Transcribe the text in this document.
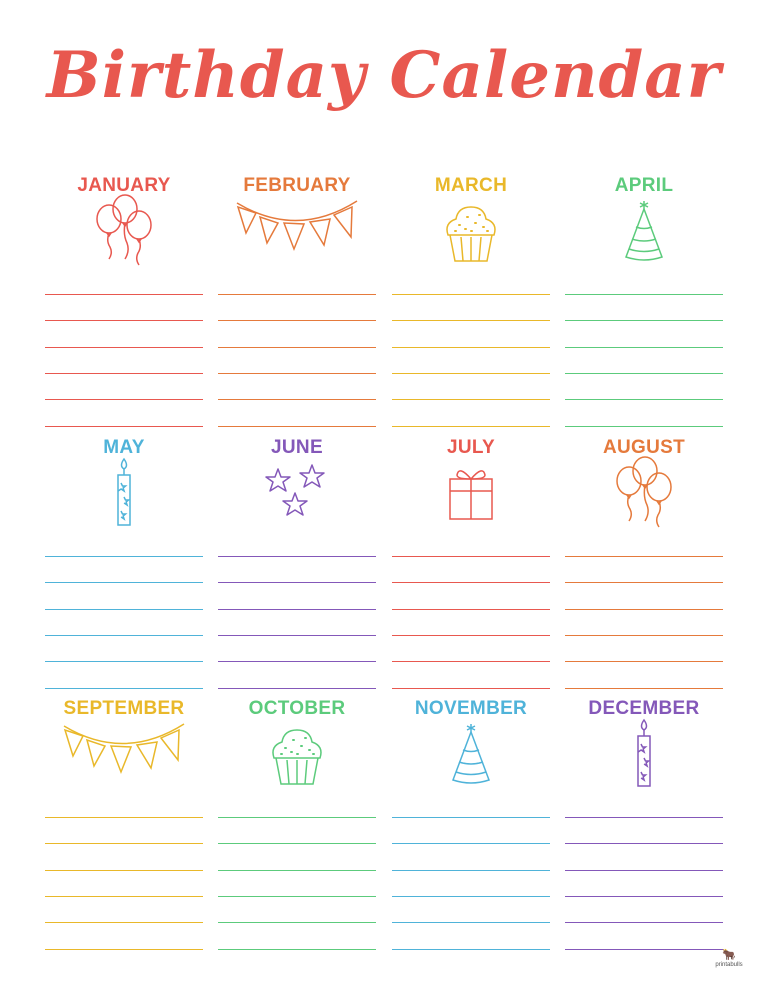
Birthday Calendar
JANUARY	FEBRUARY	MARCH	APRIL
MAY	JUNE	JULY	AUGUST
SEPTEMBER	OCTOBER	NOVEMBER	DECEMBER
🐂
printabulls
